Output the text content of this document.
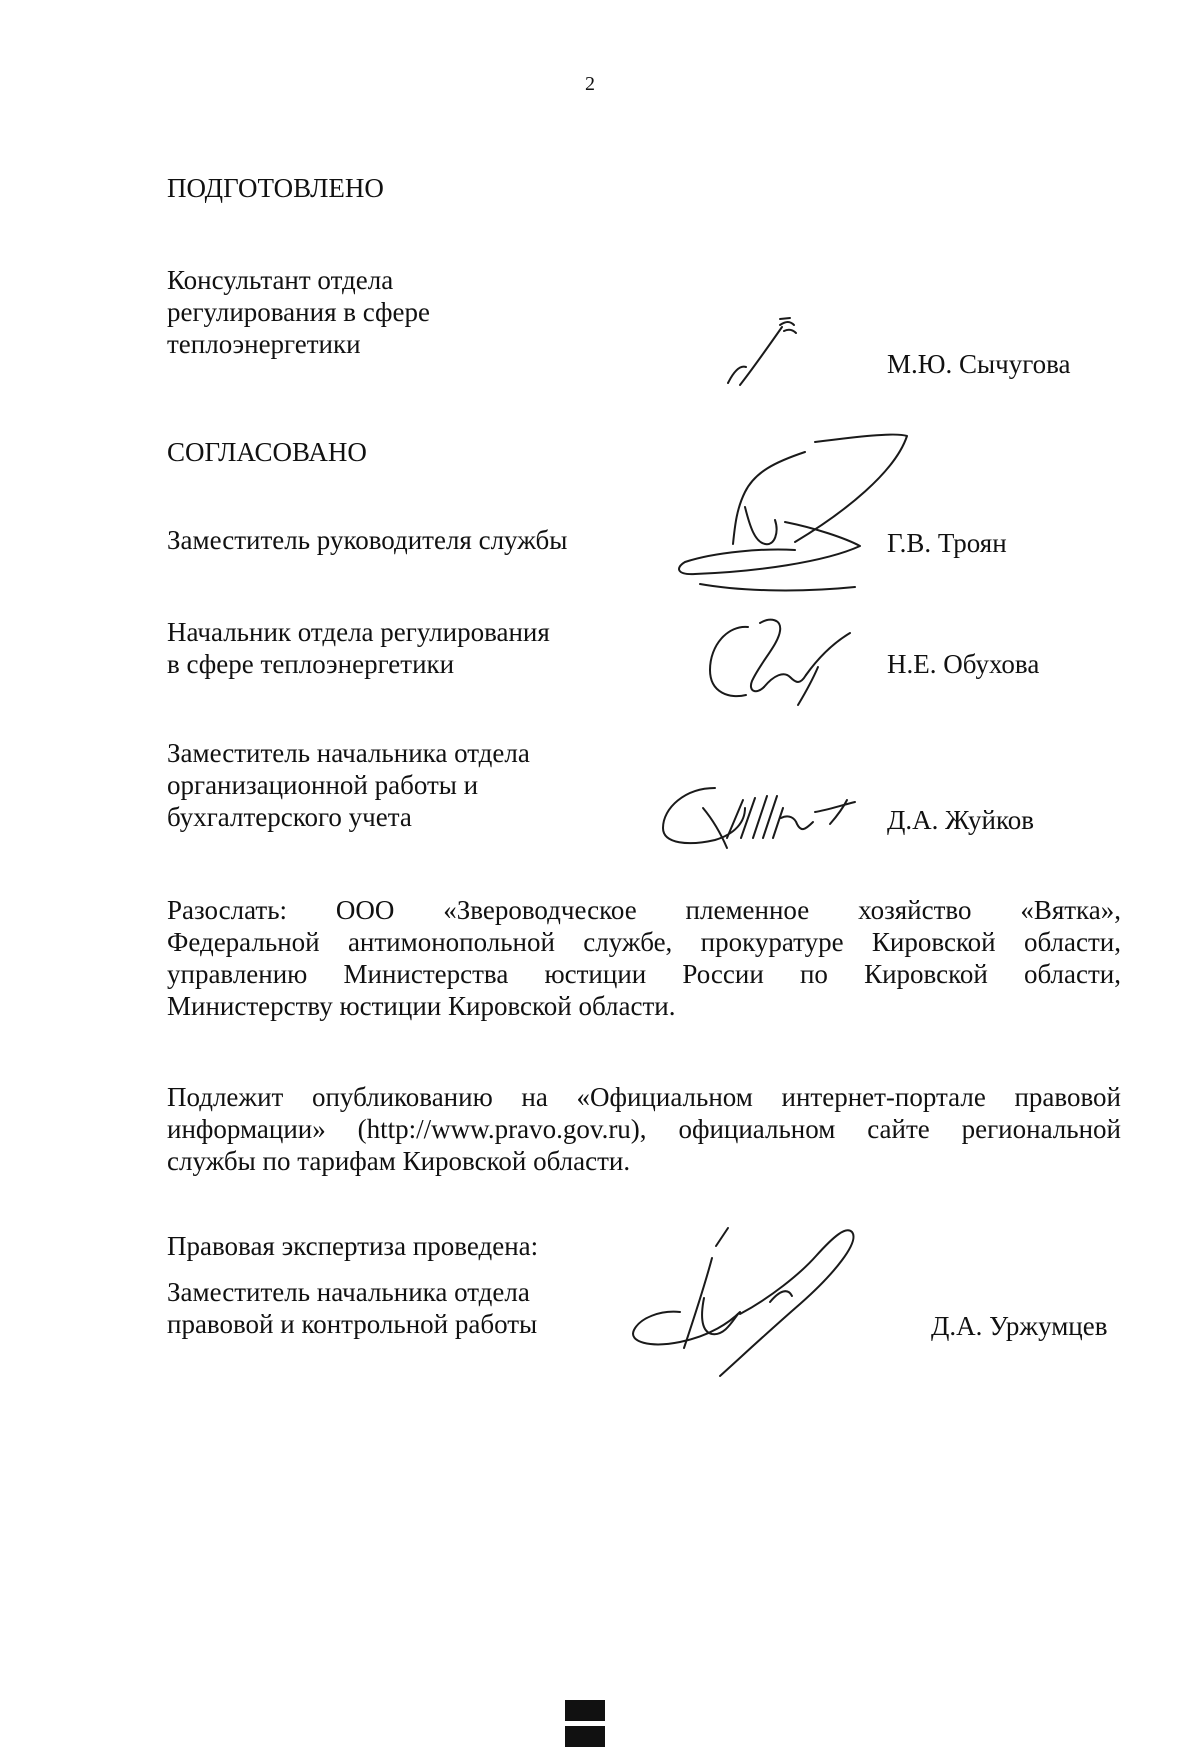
2
ПОДГОТОВЛЕНО
Консультант отдела
регулирования в сфере
теплоэнергетики
М.Ю. Сычугова
СОГЛАСОВАНО
Заместитель руководителя службы	Г.В. Троян
Начальник отдела регулирования
в сфере теплоэнергетики	Н.Е. Обухова
Заместитель начальника отдела
организационной работы и
бухгалтерского учета	Д.А. Жуйков

Разослать: ООО «Звероводческое племенное хозяйство «Вятка»,

Федеральной антимонопольной службе, прокуратуре Кировской области,

управлению Министерства юстиции России по Кировской области,

Министерству юстиции Кировской области.

Подлежит опубликованию на «Официальном интернет-портале правовой

информации» (http://www.pravo.gov.ru), официальном сайте региональной

службы по тарифам Кировской области.

Правовая экспертиза проведена:
Заместитель начальника отдела
правовой и контрольной работы	Д.А. Уржумцев
